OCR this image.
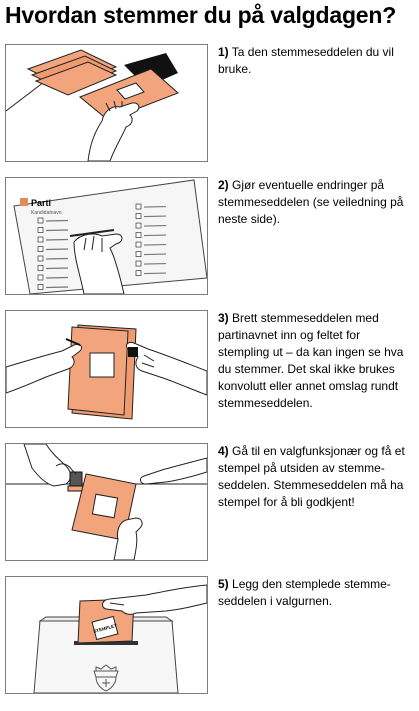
Hvordan stemmer du på valgdagen?
1) Ta den stemmeseddelen du vil bruke.
Parti
Kandidatnavn
2) Gjør eventuelle endringer på stemmeseddelen (se veiledning på neste side).
3) Brett stemmeseddelen med partinavnet inn og feltet for stempling ut – da kan ingen se hva du stemmer. Det skal ikke brukes konvolutt eller annet omslag rundt stemmeseddelen.
4) Gå til en valgfunksjonær og få et stempel på utsiden av stemme-seddelen. Stemmeseddelen må ha stempel for å bli godkjent!
STEMPLET
5) Legg den stemplede stemme-seddelen i valgurnen.
